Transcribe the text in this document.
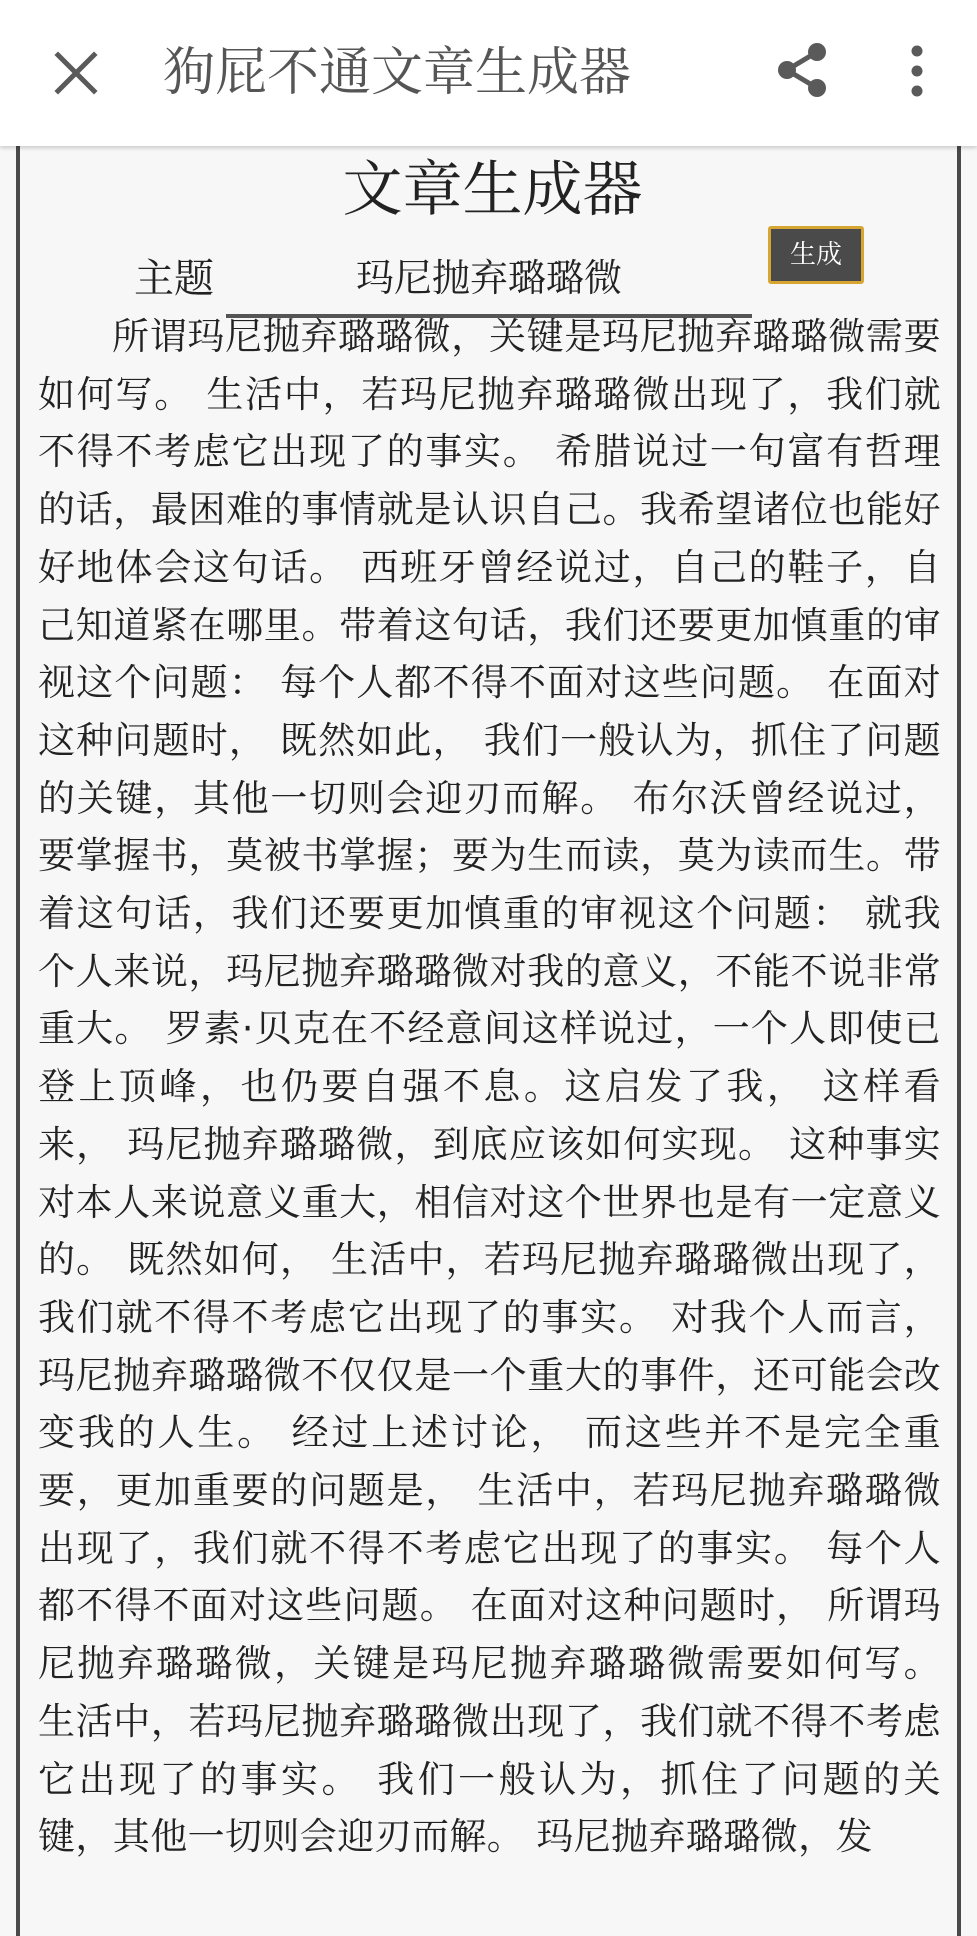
狗屁不通文章生成器
文章生成器
主题
玛尼抛弃璐璐微
生成

所谓玛尼抛弃璐璐微，关键是玛尼抛弃璐璐微需要如何写。 生活中，若玛尼抛弃璐璐微出现了，我们就不得不考虑它出现了的事实。 希腊说过一句富有哲理的话，最困难的事情就是认识自己。我希望诸位也能好好地体会这句话。 西班牙曾经说过，自己的鞋子，自己知道紧在哪里。带着这句话，我们还要更加慎重的审视这个问题： 每个人都不得不面对这些问题。 在面对这种问题时， 既然如此， 我们一般认为，抓住了问题的关键，其他一切则会迎刃而解。 布尔沃曾经说过，要掌握书，莫被书掌握；要为生而读，莫为读而生。带着这句话，我们还要更加慎重的审视这个问题： 就我个人来说，玛尼抛弃璐璐微对我的意义，不能不说非常重大。 罗素·贝克在不经意间这样说过，一个人即使已登上顶峰，也仍要自强不息。这启发了我， 这样看来， 玛尼抛弃璐璐微，到底应该如何实现。 这种事实对本人来说意义重大，相信对这个世界也是有一定意义的。 既然如何， 生活中，若玛尼抛弃璐璐微出现了，我们就不得不考虑它出现了的事实。 对我个人而言，玛尼抛弃璐璐微不仅仅是一个重大的事件，还可能会改变我的人生。 经过上述讨论， 而这些并不是完全重要，更加重要的问题是， 生活中，若玛尼抛弃璐璐微出现了，我们就不得不考虑它出现了的事实。 每个人都不得不面对这些问题。 在面对这种问题时， 所谓玛尼抛弃璐璐微，关键是玛尼抛弃璐璐微需要如何写。 生活中，若玛尼抛弃璐璐微出现了，我们就不得不考虑它出现了的事实。 我们一般认为，抓住了问题的关键，其他一切则会迎刃而解。 玛尼抛弃璐璐微，发
